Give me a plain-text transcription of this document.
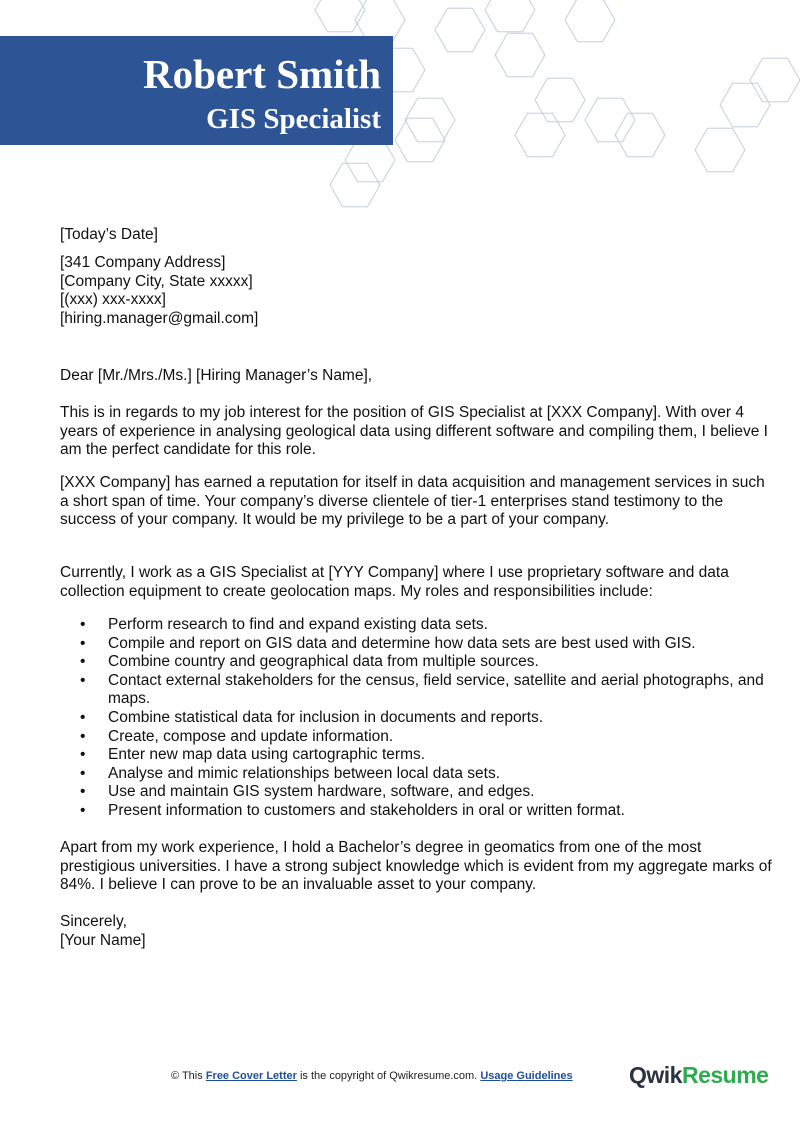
Robert Smith
GIS Specialist
[Today’s Date]

[341 Company Address]

[Company City, State xxxxx]

[(xxx) xxx-xxxx]

[hiring.manager@gmail.com]

Dear [Mr./Mrs./Ms.] [Hiring Manager’s Name],
This is in regards to my job interest for the position of GIS Specialist at [XXX Company]. With over 4 years of experience in analysing geological data using different software and compiling them, I believe I am the perfect candidate for this role.
[XXX Company] has earned a reputation for itself in data acquisition and management services in such a short span of time. Your company’s diverse clientele of tier-1 enterprises stand testimony to the success of your company. It would be my privilege to be a part of your company.
Currently, I work as a GIS Specialist at [YYY Company] where I use proprietary software and data collection equipment to create geolocation maps. My roles and responsibilities include:
• Perform research to find and expand existing data sets.
• Compile and report on GIS data and determine how data sets are best used with GIS.
• Combine country and geographical data from multiple sources.
• Contact external stakeholders for the census, field service, satellite and aerial photographs, and maps.
• Combine statistical data for inclusion in documents and reports.
• Create, compose and update information.
• Enter new map data using cartographic terms.
• Analyse and mimic relationships between local data sets.
• Use and maintain GIS system hardware, software, and edges.
• Present information to customers and stakeholders in oral or written format.
Apart from my work experience, I hold a Bachelor’s degree in geomatics from one of the most prestigious universities. I have a strong subject knowledge which is evident from my aggregate marks of 84%. I believe I can prove to be an invaluable asset to your company.

Sincerely,

[Your Name]

© This Free Cover Letter is the copyright of Qwikresume.com. Usage Guidelines QwikResume
